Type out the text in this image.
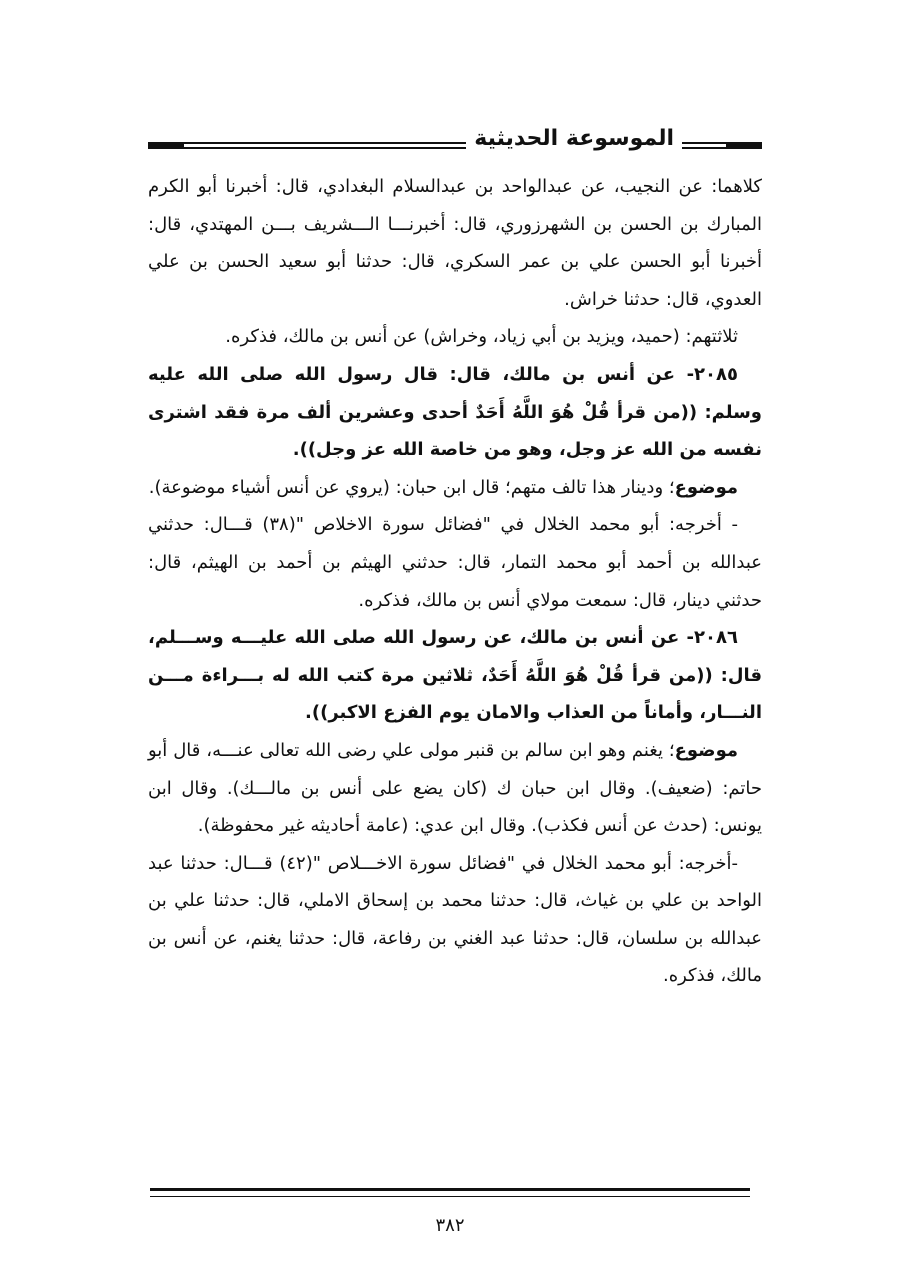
الموسوعة الحديثية

كلاهما: عن النجيب، عن عبدالواحد بن عبدالسلام البغدادي، قال: أخبرنا أبو الكرم المبارك بن الحسن بن الشهرزوري، قال: أخبرنـــا الـــشريف بـــن المهتدي، قال: أخبرنا أبو الحسن علي بن عمر السكري، قال: حدثنا أبو سعيد الحسن بن علي العدوي، قال: حدثنا خراش.

ثلاثتهم: (حميد، ويزيد بن أبي زياد، وخراش) عن أنس بن مالك، فذكره.

٢٠٨٥- عن أنس بن مالك، قال: قال رسول الله صلى الله عليه وسلم: ((من قرأ قُلْ هُوَ اللَّهُ أَحَدٌ أحدى وعشرين ألف مرة فقد اشترى نفسه من الله عز وجل، وهو من خاصة الله عز وجل)).

موضوع؛ ودينار هذا تالف متهم؛ قال ابن حبان: (يروي عن أنس أشياء موضوعة).

- أخرجه: أبو محمد الخلال في "فضائل سورة الاخلاص "(٣٨) قـــال: حدثني عبدالله بن أحمد أبو محمد التمار، قال: حدثني الهيثم بن أحمد بن الهيثم، قال: حدثني دينار، قال: سمعت مولاي أنس بن مالك، فذكره.

٢٠٨٦- عن أنس بن مالك، عن رسول الله صلى الله عليـــه وســـلم، قال: ((من قرأ قُلْ هُوَ اللَّهُ أَحَدٌ، ثلاثين مرة كتب الله له بـــراءة مـــن النـــار، وأماناً من العذاب والامان يوم الفزع الاكبر)).

موضوع؛ يغنم وهو ابن سالم بن قنبر مولى علي رضى الله تعالى عنـــه، قال أبو حاتم: (ضعيف). وقال ابن حبان ك (كان يضع على أنس بن مالـــك). وقال ابن يونس: (حدث عن أنس فكذب). وقال ابن عدي: (عامة أحاديثه غير محفوظة).

-أخرجه: أبو محمد الخلال في "فضائل سورة الاخـــلاص "(٤٢) قـــال: حدثنا عبد الواحد بن علي بن غياث، قال: حدثنا محمد بن إسحاق الاملي، قال: حدثنا علي بن عبدالله بن سلسان، قال: حدثنا عبد الغني بن رفاعة، قال: حدثنا يغنم، عن أنس بن مالك، فذكره.

٣٨٢
